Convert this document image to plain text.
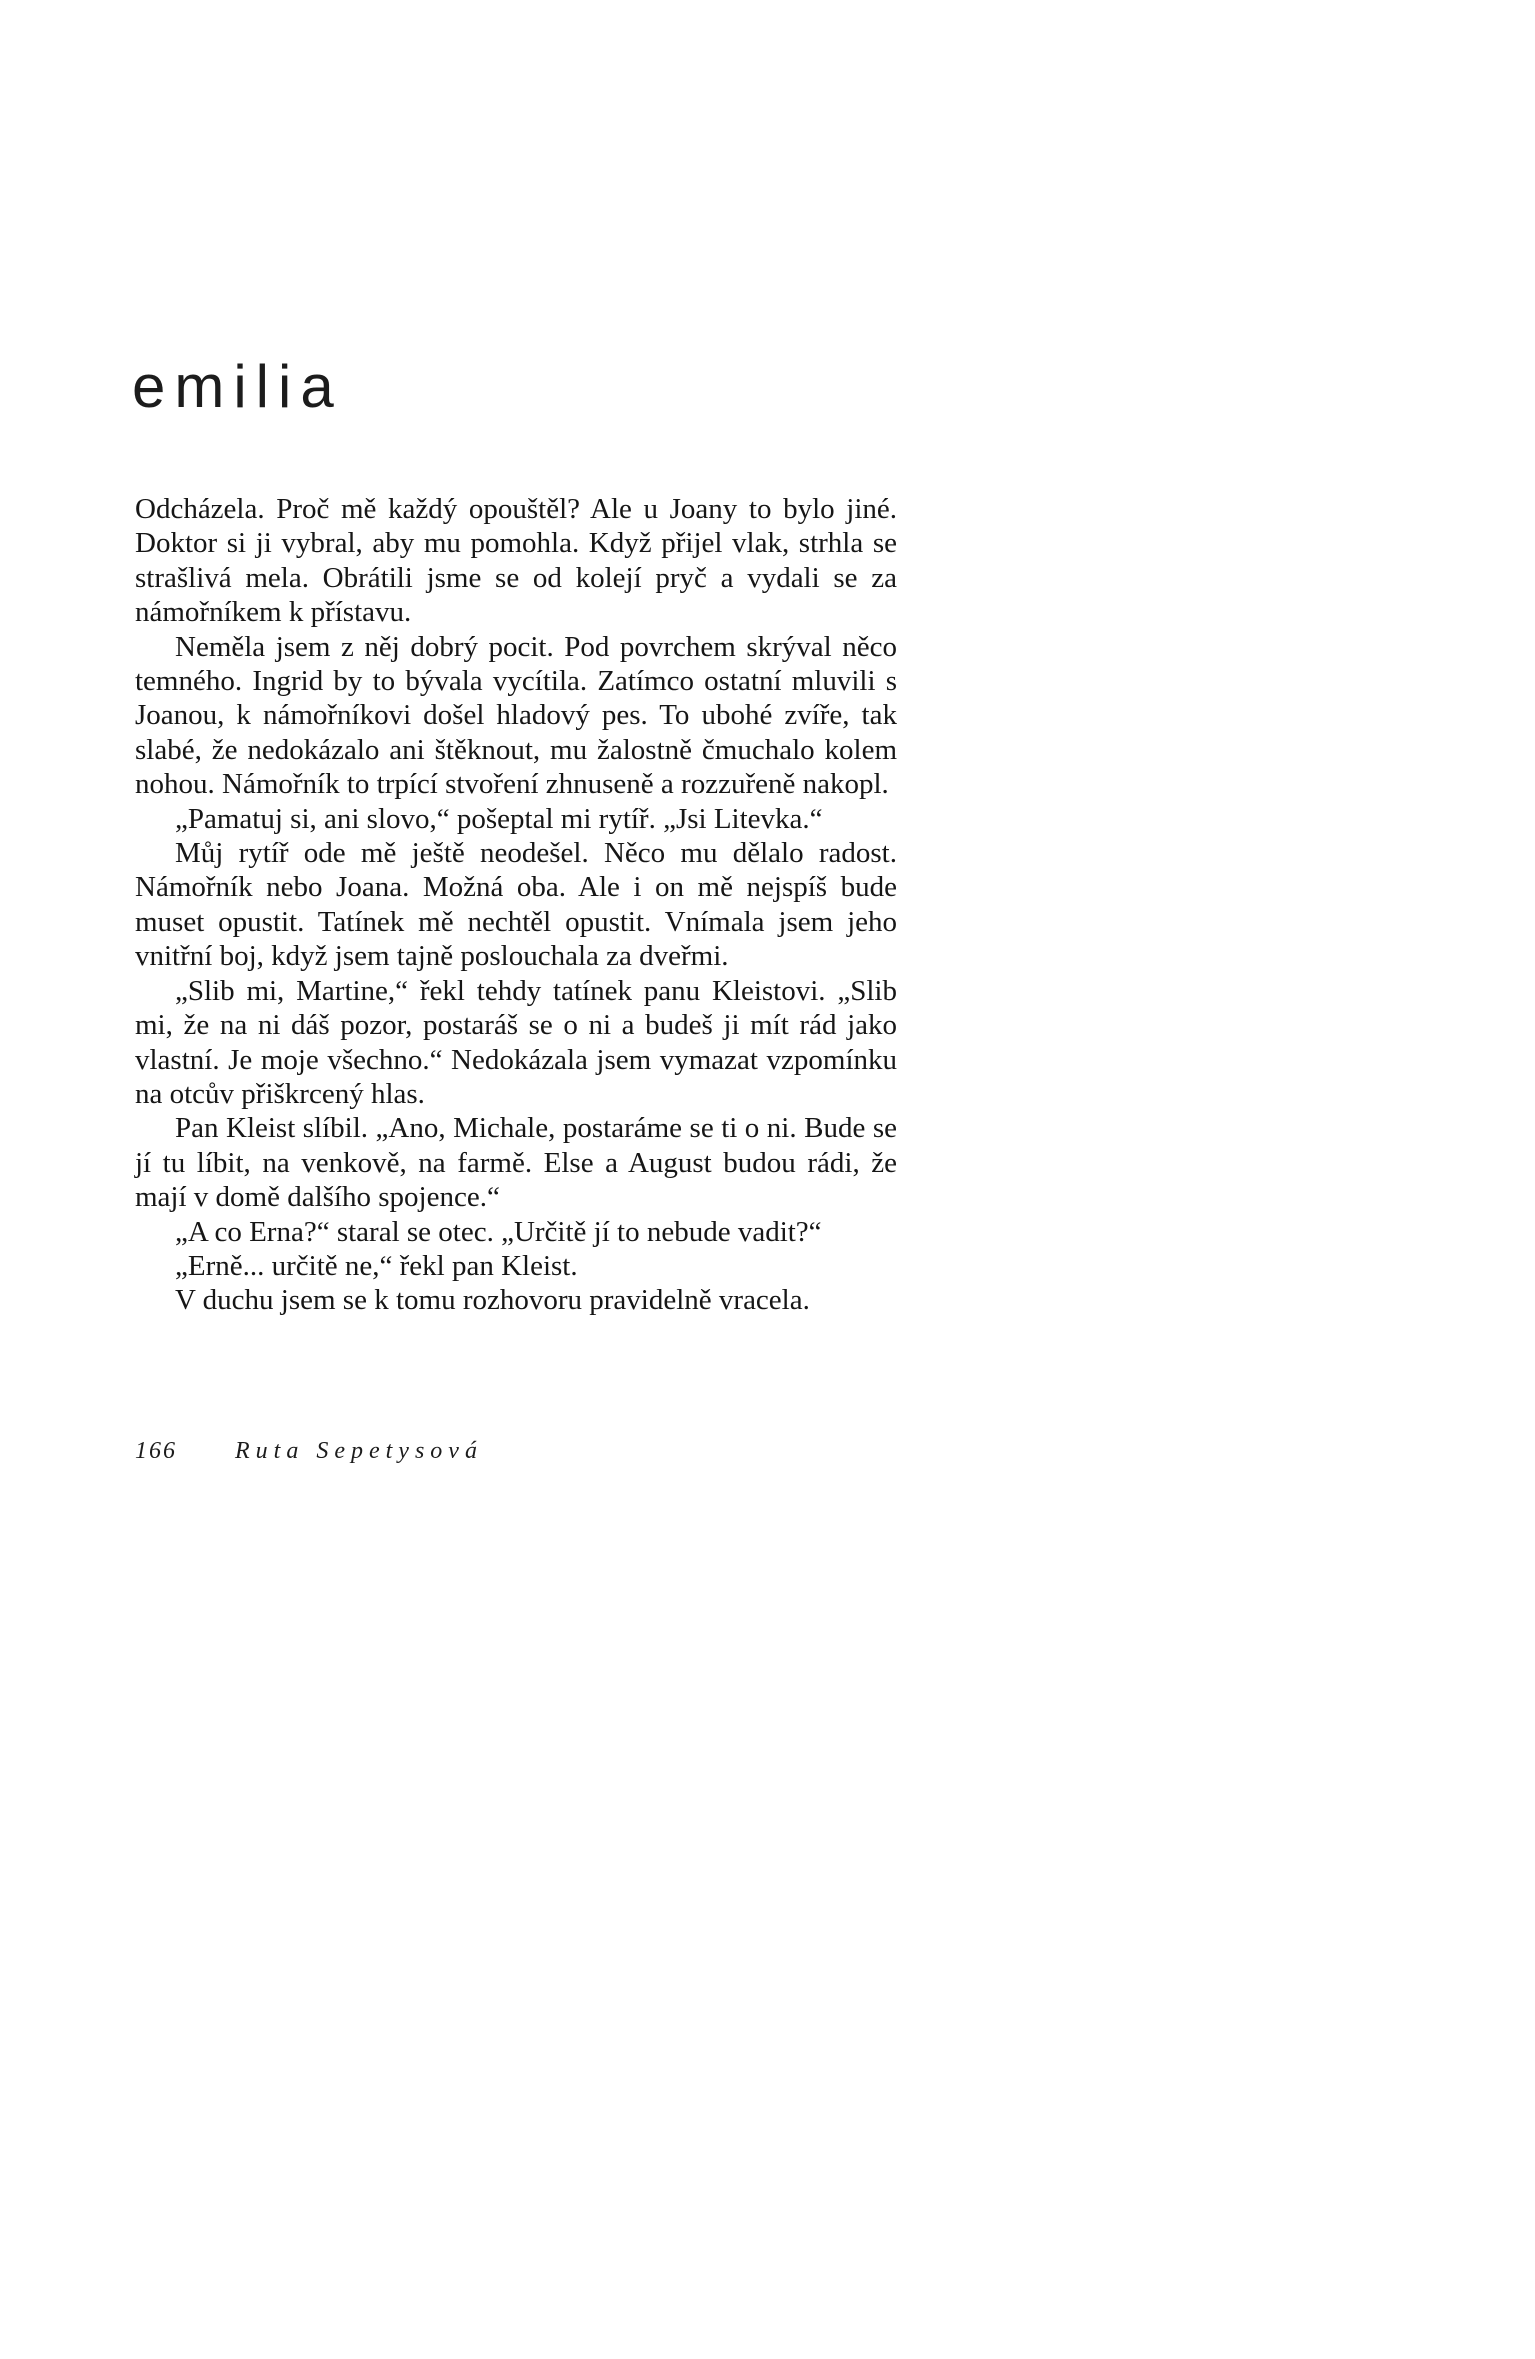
emilia

Odcházela. Proč mě každý opouštěl? Ale u Joany to bylo jiné. Doktor si ji vybral, aby mu pomohla. Když přijel vlak, strhla se strašlivá mela. Obrátili jsme se od kolejí pryč a vydali se za námořníkem k přístavu.

Neměla jsem z něj dobrý pocit. Pod povrchem skrýval něco temného. Ingrid by to bývala vycítila. Zatímco ostatní mluvili s Joanou, k námořníkovi došel hladový pes. To ubohé zvíře, tak slabé, že nedokázalo ani štěknout, mu žalostně čmuchalo kolem nohou. Námořník to trpící stvoření zhnuseně a rozzuřeně nakopl.

„Pamatuj si, ani slovo,“ pošeptal mi rytíř. „Jsi Litevka.“

Můj rytíř ode mě ještě neodešel. Něco mu dělalo radost. Námořník nebo Joana. Možná oba. Ale i on mě nejspíš bude muset opustit. Tatínek mě nechtěl opustit. Vnímala jsem jeho vnitřní boj, když jsem tajně poslouchala za dveřmi.

„Slib mi, Martine,“ řekl tehdy tatínek panu Kleistovi. „Slib mi, že na ni dáš pozor, postaráš se o ni a budeš ji mít rád jako vlastní. Je moje všechno.“ Nedokázala jsem vymazat vzpomínku na otcův přiškrcený hlas.

Pan Kleist slíbil. „Ano, Michale, postaráme se ti o ni. Bude se jí tu líbit, na venkově, na farmě. Else a August budou rádi, že mají v domě dalšího spojence.“

„A co Erna?“ staral se otec. „Určitě jí to nebude vadit?“

„Erně... určitě ne,“ řekl pan Kleist.

V duchu jsem se k tomu rozhovoru pravidelně vracela.

166 Ruta Sepetysová
